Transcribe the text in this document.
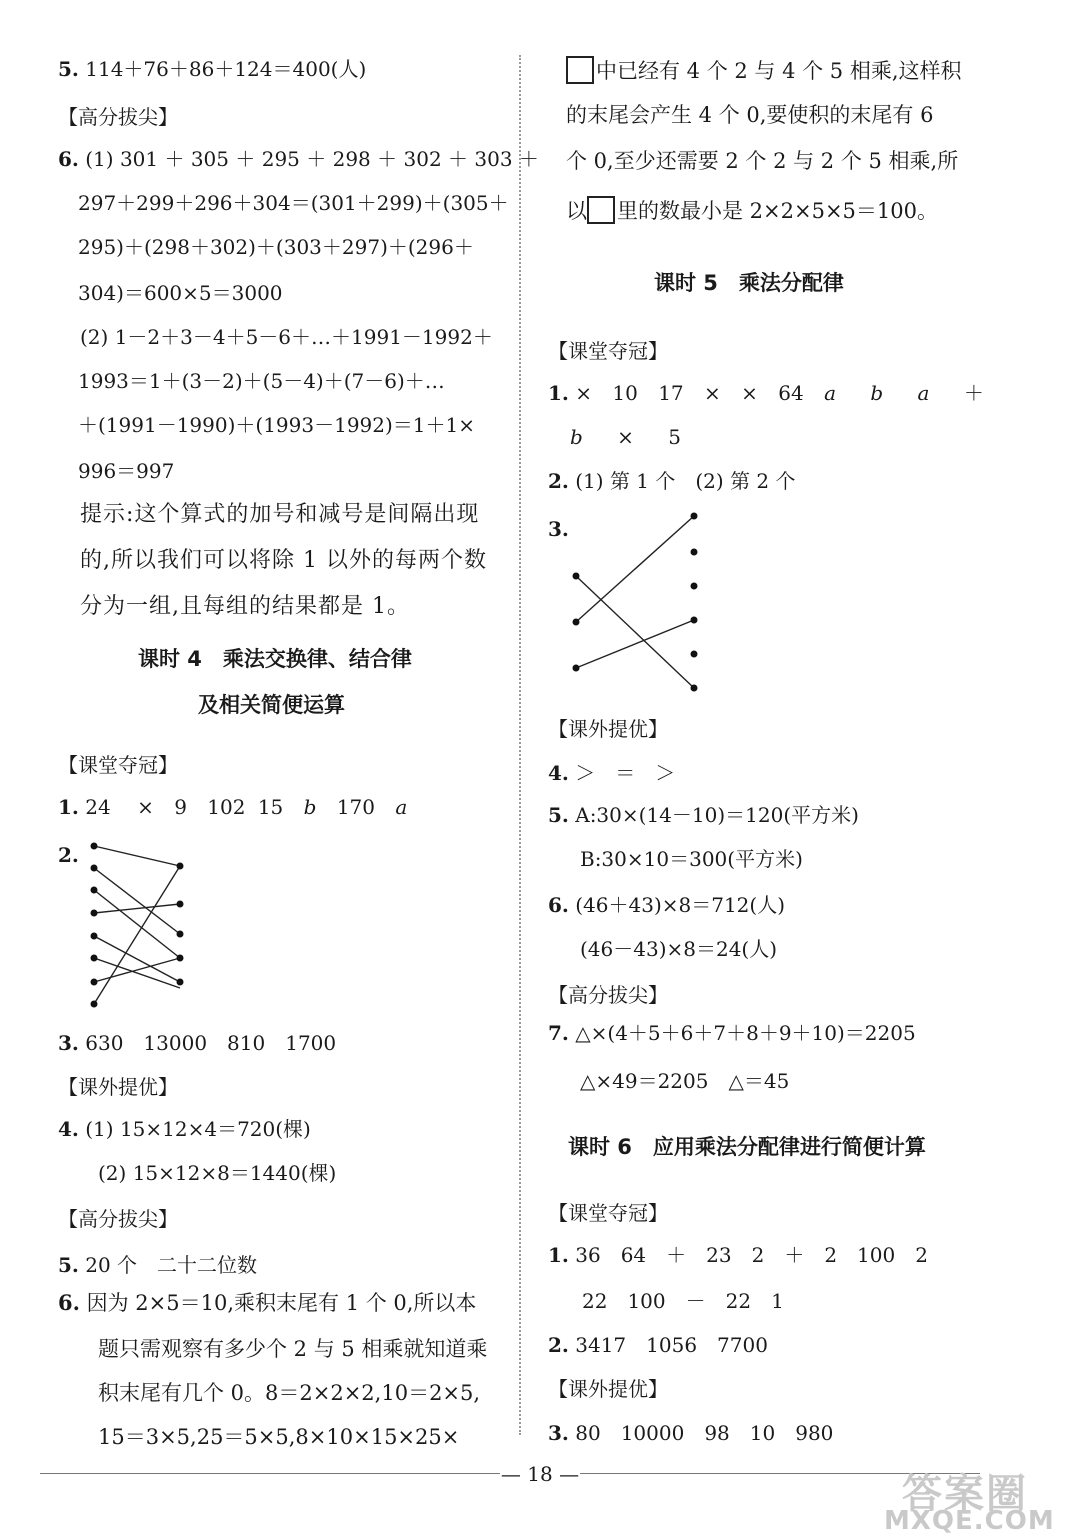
5. 114＋76＋86＋124＝400(人)
【高分拔尖】
6. (1) 301 ＋ 305 ＋ 295 ＋ 298 ＋ 302 ＋ 303 ＋
297＋299＋296＋304＝(301＋299)＋(305＋
295)＋(298＋302)＋(303＋297)＋(296＋
304)＝600×5＝3000
(2) 1－2＋3－4＋5－6＋…＋1991－1992＋
1993＝1＋(3－2)＋(5－4)＋(7－6)＋…
＋(1991－1990)＋(1993－1992)＝1＋1×
996＝997
提示:这个算式的加号和减号是间隔出现
的,所以我们可以将除 1 以外的每两个数
分为一组,且每组的结果都是 1。
课时 4　乘法交换律、结合律
及相关简便运算
【课堂夺冠】
1. 24 × 9 102 15 b 170 a
2.
3. 630　13000　810　1700
【课外提优】
4. (1) 15×12×4＝720(棵)
(2) 15×12×8＝1440(棵)
【高分拔尖】
5. 20 个　二十二位数
6. 因为 2×5＝10,乘积末尾有 1 个 0,所以本
题只需观察有多少个 2 与 5 相乘就知道乘
积末尾有几个 0。8＝2×2×2,10＝2×5,
15＝3×5,25＝5×5,8×10×15×25×
中已经有 4 个 2 与 4 个 5 相乘,这样积
的末尾会产生 4 个 0,要使积的末尾有 6
个 0,至少还需要 2 个 2 与 2 个 5 相乘,所
以 里的数最小是 2×2×5×5＝100。
课时 5　乘法分配律
【课堂夺冠】
1. × 10 17 × × 64 a b a ＋
b × 5
2. (1) 第 1 个　(2) 第 2 个
3.
【课外提优】
4. ＞　＝　＞
5. A:30×(14－10)＝120(平方米)
B:30×10＝300(平方米)
6. (46＋43)×8＝712(人)
(46－43)×8＝24(人)
【高分拔尖】
7. △×(4＋5＋6＋7＋8＋9＋10)＝2205
△×49＝2205　△＝45
课时 6　应用乘法分配律进行简便计算
【课堂夺冠】
1. 36　64　＋　23　2　＋　2　100　2
22　100　－　22　1
2. 3417　1056　7700
【课外提优】
3. 80　10000　98　10　980
— 18 —	答案圈
MXQE.COM
